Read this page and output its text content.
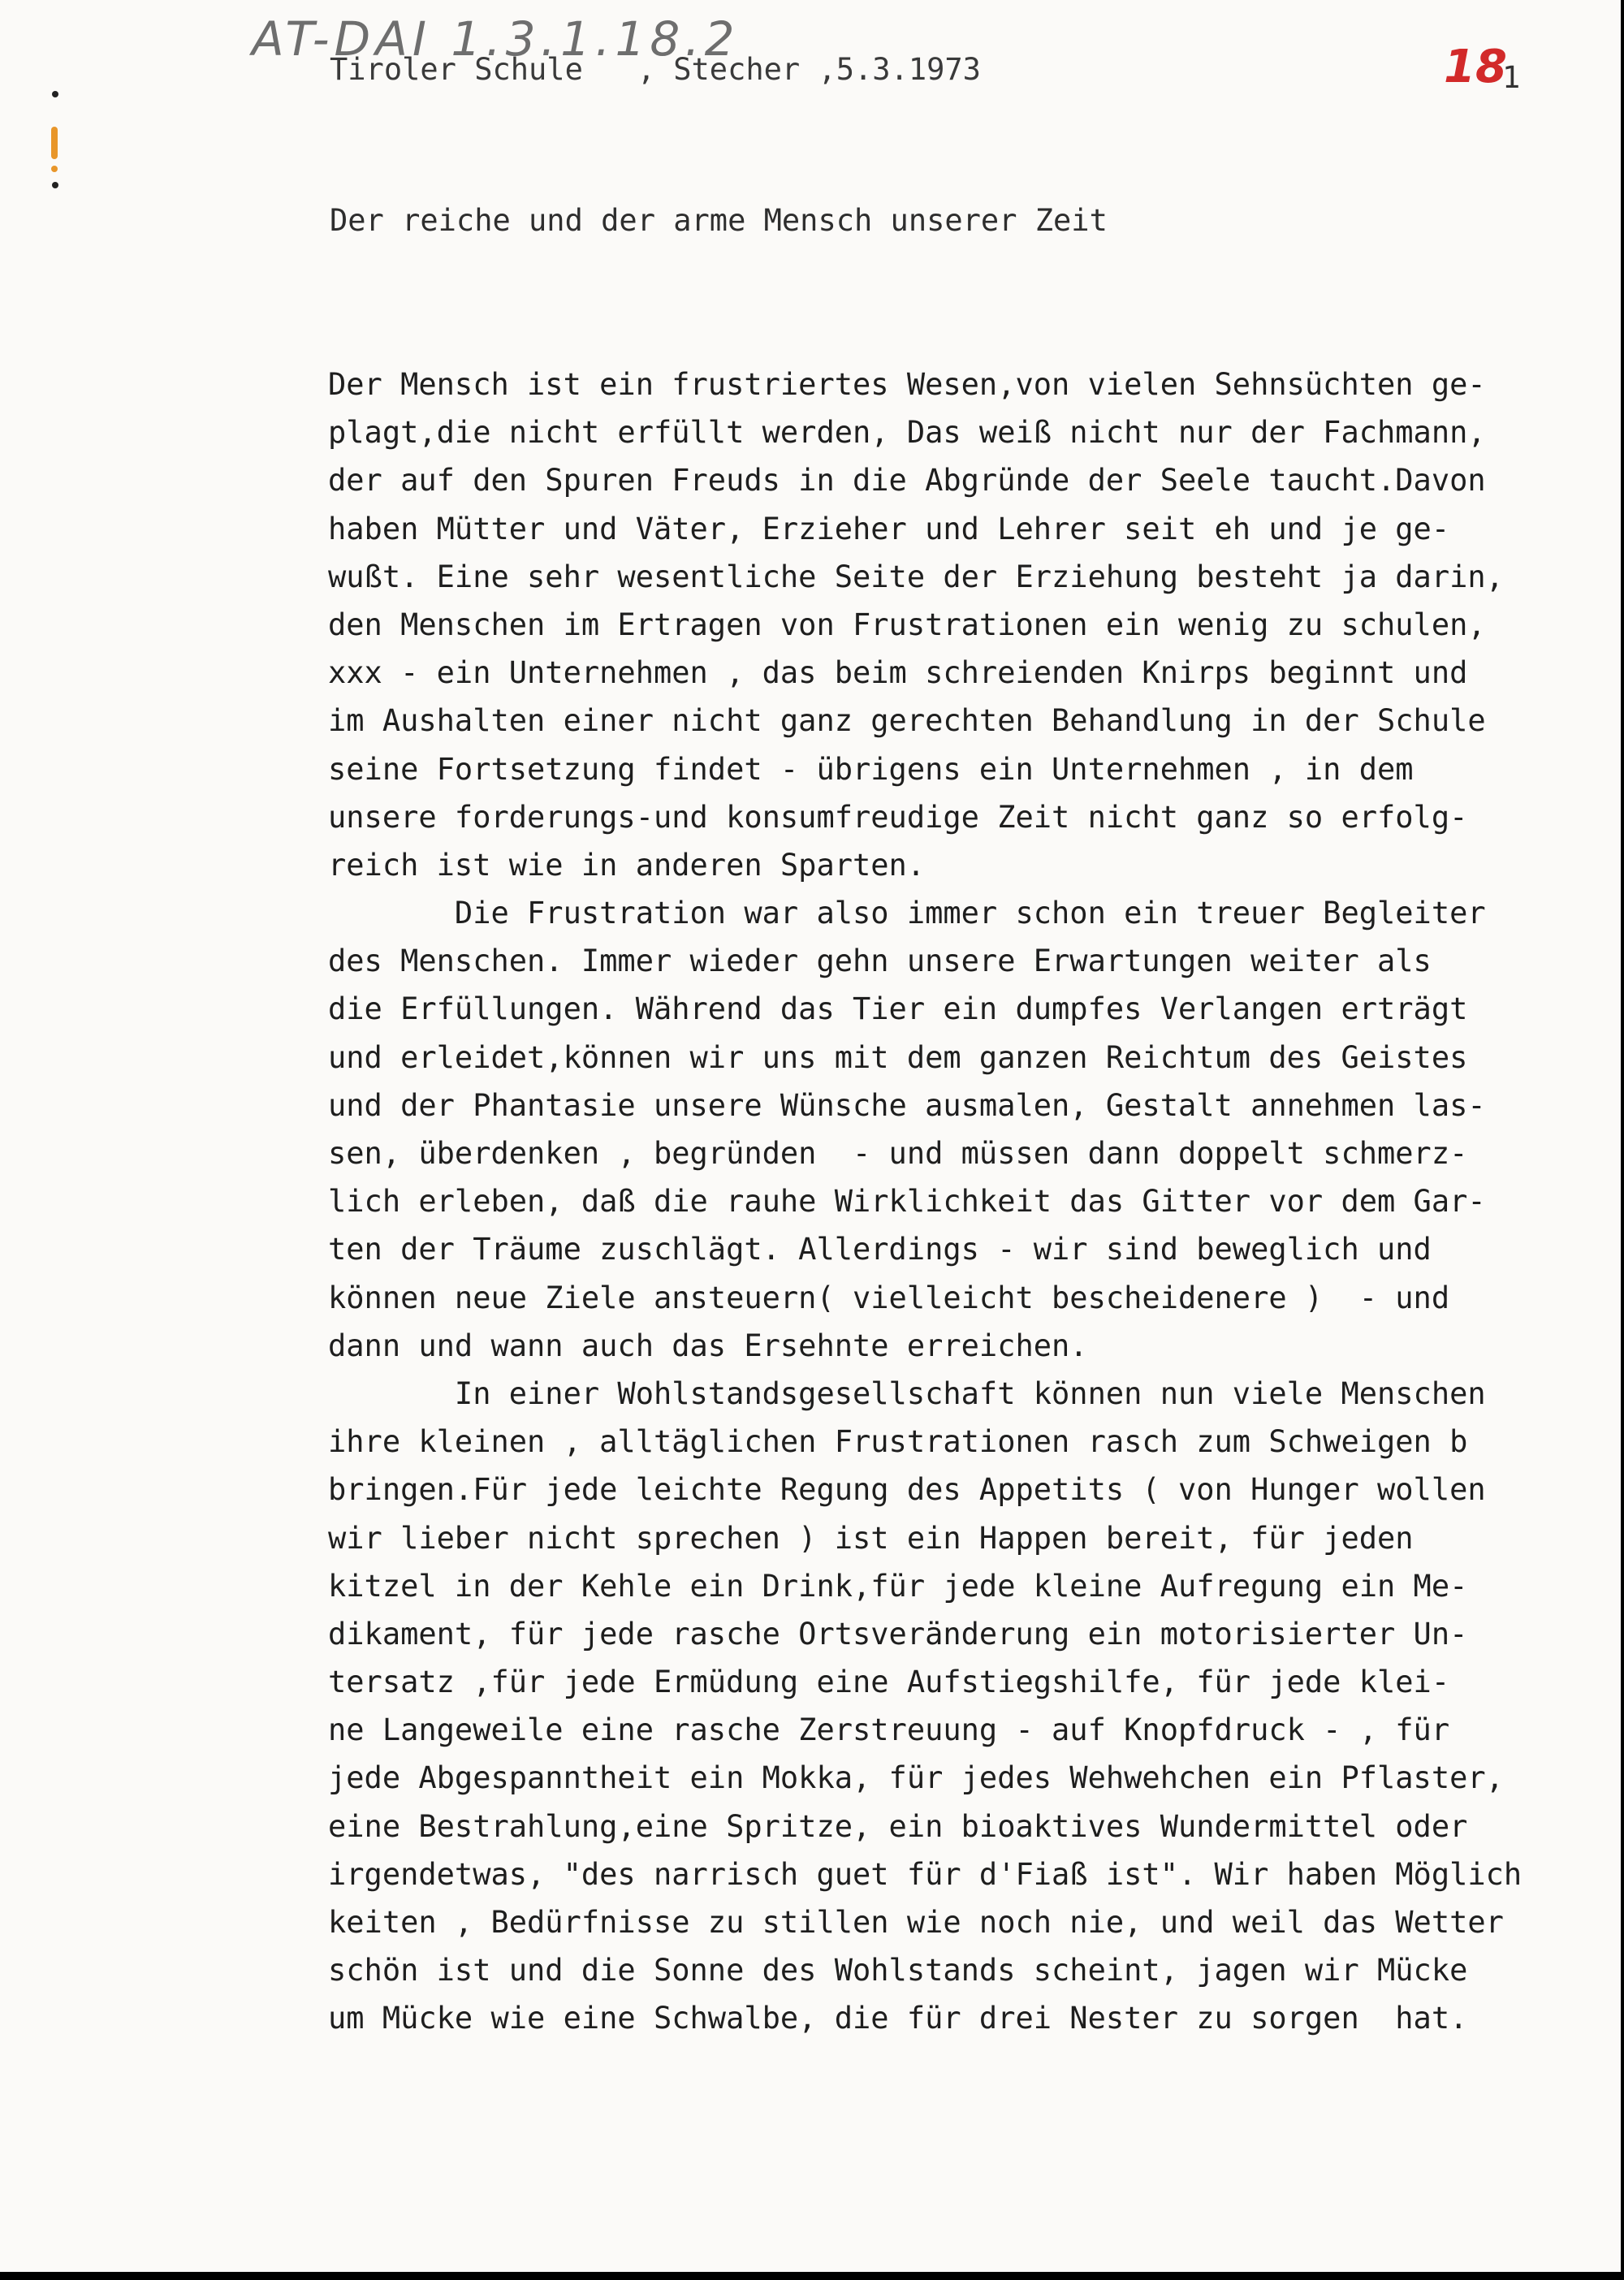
AT-DAI 1.3.1.18.2
Tiroler Schule   , Stecher ,5.3.1973	18
1
Der reiche und der arme Mensch unserer Zeit
Der Mensch ist ein frustriertes Wesen,von vielen Sehnsüchten ge-
plagt,die nicht erfüllt werden, Das weiß nicht nur der Fachmann,
der auf den Spuren Freuds in die Abgründe der Seele taucht.Davon
haben Mütter und Väter, Erzieher und Lehrer seit eh und je ge-
wußt. Eine sehr wesentliche Seite der Erziehung besteht ja darin,
den Menschen im Ertragen von Frustrationen ein wenig zu schulen,
xxx - ein Unternehmen , das beim schreienden Knirps beginnt und
im Aushalten einer nicht ganz gerechten Behandlung in der Schule
seine Fortsetzung findet - übrigens ein Unternehmen , in dem
unsere forderungs-und konsumfreudige Zeit nicht ganz so erfolg-
reich ist wie in anderen Sparten.
Die Frustration war also immer schon ein treuer Begleiter
des Menschen. Immer wieder gehn unsere Erwartungen weiter als
die Erfüllungen. Während das Tier ein dumpfes Verlangen erträgt
und erleidet,können wir uns mit dem ganzen Reichtum des Geistes
und der Phantasie unsere Wünsche ausmalen, Gestalt annehmen las-
sen, überdenken , begründen  - und müssen dann doppelt schmerz-
lich erleben, daß die rauhe Wirklichkeit das Gitter vor dem Gar-
ten der Träume zuschlägt. Allerdings - wir sind beweglich und
können neue Ziele ansteuern( vielleicht bescheidenere )  - und
dann und wann auch das Ersehnte erreichen.
In einer Wohlstandsgesellschaft können nun viele Menschen
ihre kleinen , alltäglichen Frustrationen rasch zum Schweigen b
bringen.Für jede leichte Regung des Appetits ( von Hunger wollen
wir lieber nicht sprechen ) ist ein Happen bereit, für jeden
kitzel in der Kehle ein Drink,für jede kleine Aufregung ein Me-
dikament, für jede rasche Ortsveränderung ein motorisierter Un-
tersatz ,für jede Ermüdung eine Aufstiegshilfe, für jede klei-
ne Langeweile eine rasche Zerstreuung - auf Knopfdruck - , für
jede Abgespanntheit ein Mokka, für jedes Wehwehchen ein Pflaster,
eine Bestrahlung,eine Spritze, ein bioaktives Wundermittel oder
irgendetwas, "des narrisch guet für d'Fiaß ist". Wir haben Möglich
keiten , Bedürfnisse zu stillen wie noch nie, und weil das Wetter
schön ist und die Sonne des Wohlstands scheint, jagen wir Mücke
um Mücke wie eine Schwalbe, die für drei Nester zu sorgen  hat.
